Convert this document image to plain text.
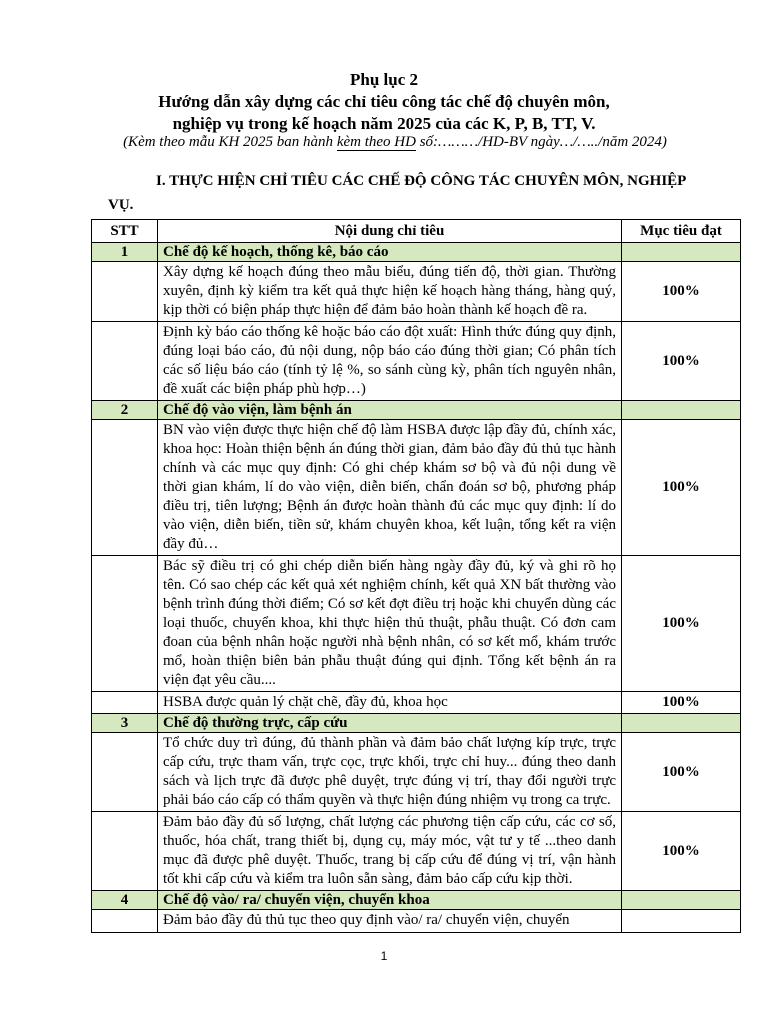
Phụ lục 2
Hướng dẫn xây dựng các chỉ tiêu công tác chế độ chuyên môn,
nghiệp vụ trong kế hoạch năm 2025 của các K, P, B, TT, V.
(Kèm theo mẫu KH 2025 ban hành kèm theo HD số:………/HD-BV ngày…/…../năm 2024)
I. THỰC HIỆN CHỈ TIÊU CÁC CHẾ ĐỘ CÔNG TÁC CHUYÊN MÔN, NGHIỆP
VỤ.
STT	Nội dung chỉ tiêu	Mục tiêu đạt
1	Chế độ kế hoạch, thống kê, báo cáo	
	Xây dựng kế hoạch đúng theo mẫu biểu, đúng tiến độ, thời gian. Thường xuyên, định kỳ kiểm tra kết quả thực hiện kế hoạch hàng tháng, hàng quý, kịp thời có biện pháp thực hiện để đảm bảo hoàn thành kế hoạch đề ra.	100%
	Định kỳ báo cáo thống kê hoặc báo cáo đột xuất: Hình thức đúng quy định, đúng loại báo cáo, đủ nội dung, nộp báo cáo đúng thời gian; Có phân tích các số liệu báo cáo (tính tỷ lệ %, so sánh cùng kỳ, phân tích nguyên nhân, đề xuất các biện pháp phù hợp…)	100%
2	Chế độ vào viện, làm bệnh án	
	BN vào viện được thực hiện chế độ làm HSBA được lập đầy đủ, chính xác, khoa học: Hoàn thiện bệnh án đúng thời gian, đảm bảo đầy đủ thủ tục hành chính và các mục quy định: Có ghi chép khám sơ bộ và đủ nội dung về thời gian khám, lí do vào viện, diễn biến, chẩn đoán sơ bộ, phương pháp điều trị, tiên lượng; Bệnh án được hoàn thành đủ các mục quy định: lí do vào viện, diễn biến, tiền sử, khám chuyên khoa, kết luận, tổng kết ra viện đầy đủ…	100%
	Bác sỹ điều trị có ghi chép diễn biến hàng ngày đầy đủ, ký và ghi rõ họ tên. Có sao chép các kết quả xét nghiệm chính, kết quả XN bất thường vào bệnh trình đúng thời điểm; Có sơ kết đợt điều trị hoặc khi chuyển dùng các loại thuốc, chuyển khoa, khi thực hiện thủ thuật, phẫu thuật. Có đơn cam đoan của bệnh nhân hoặc người nhà bệnh nhân, có sơ kết mổ, khám trước mổ, hoàn thiện biên bản phẫu thuật đúng qui định. Tổng kết bệnh án ra viện đạt yêu cầu....	100%
	HSBA được quản lý chặt chẽ, đầy đủ, khoa học	100%
3	Chế độ thường trực, cấp cứu	
	Tổ chức duy trì đúng, đủ thành phần và đảm bảo chất lượng kíp trực, trực cấp cứu, trực tham vấn, trực cọc, trực khối, trực chỉ huy... đúng theo danh sách và lịch trực đã được phê duyệt, trực đúng vị trí, thay đổi người trực phải báo cáo cấp có thẩm quyền và thực hiện đúng nhiệm vụ trong ca trực.	100%
	Đảm bảo đầy đủ số lượng, chất lượng các phương tiện cấp cứu, các cơ số, thuốc, hóa chất, trang thiết bị, dụng cụ, máy móc, vật tư y tế ...theo danh mục đã được phê duyệt. Thuốc, trang bị cấp cứu để đúng vị trí, vận hành tốt khi cấp cứu và kiểm tra luôn sẵn sàng, đảm bảo cấp cứu kịp thời.	100%
4	Chế độ vào/ ra/ chuyển viện, chuyển khoa	
	Đảm bảo đầy đủ thủ tục theo quy định vào/ ra/ chuyển viện, chuyển	
1
